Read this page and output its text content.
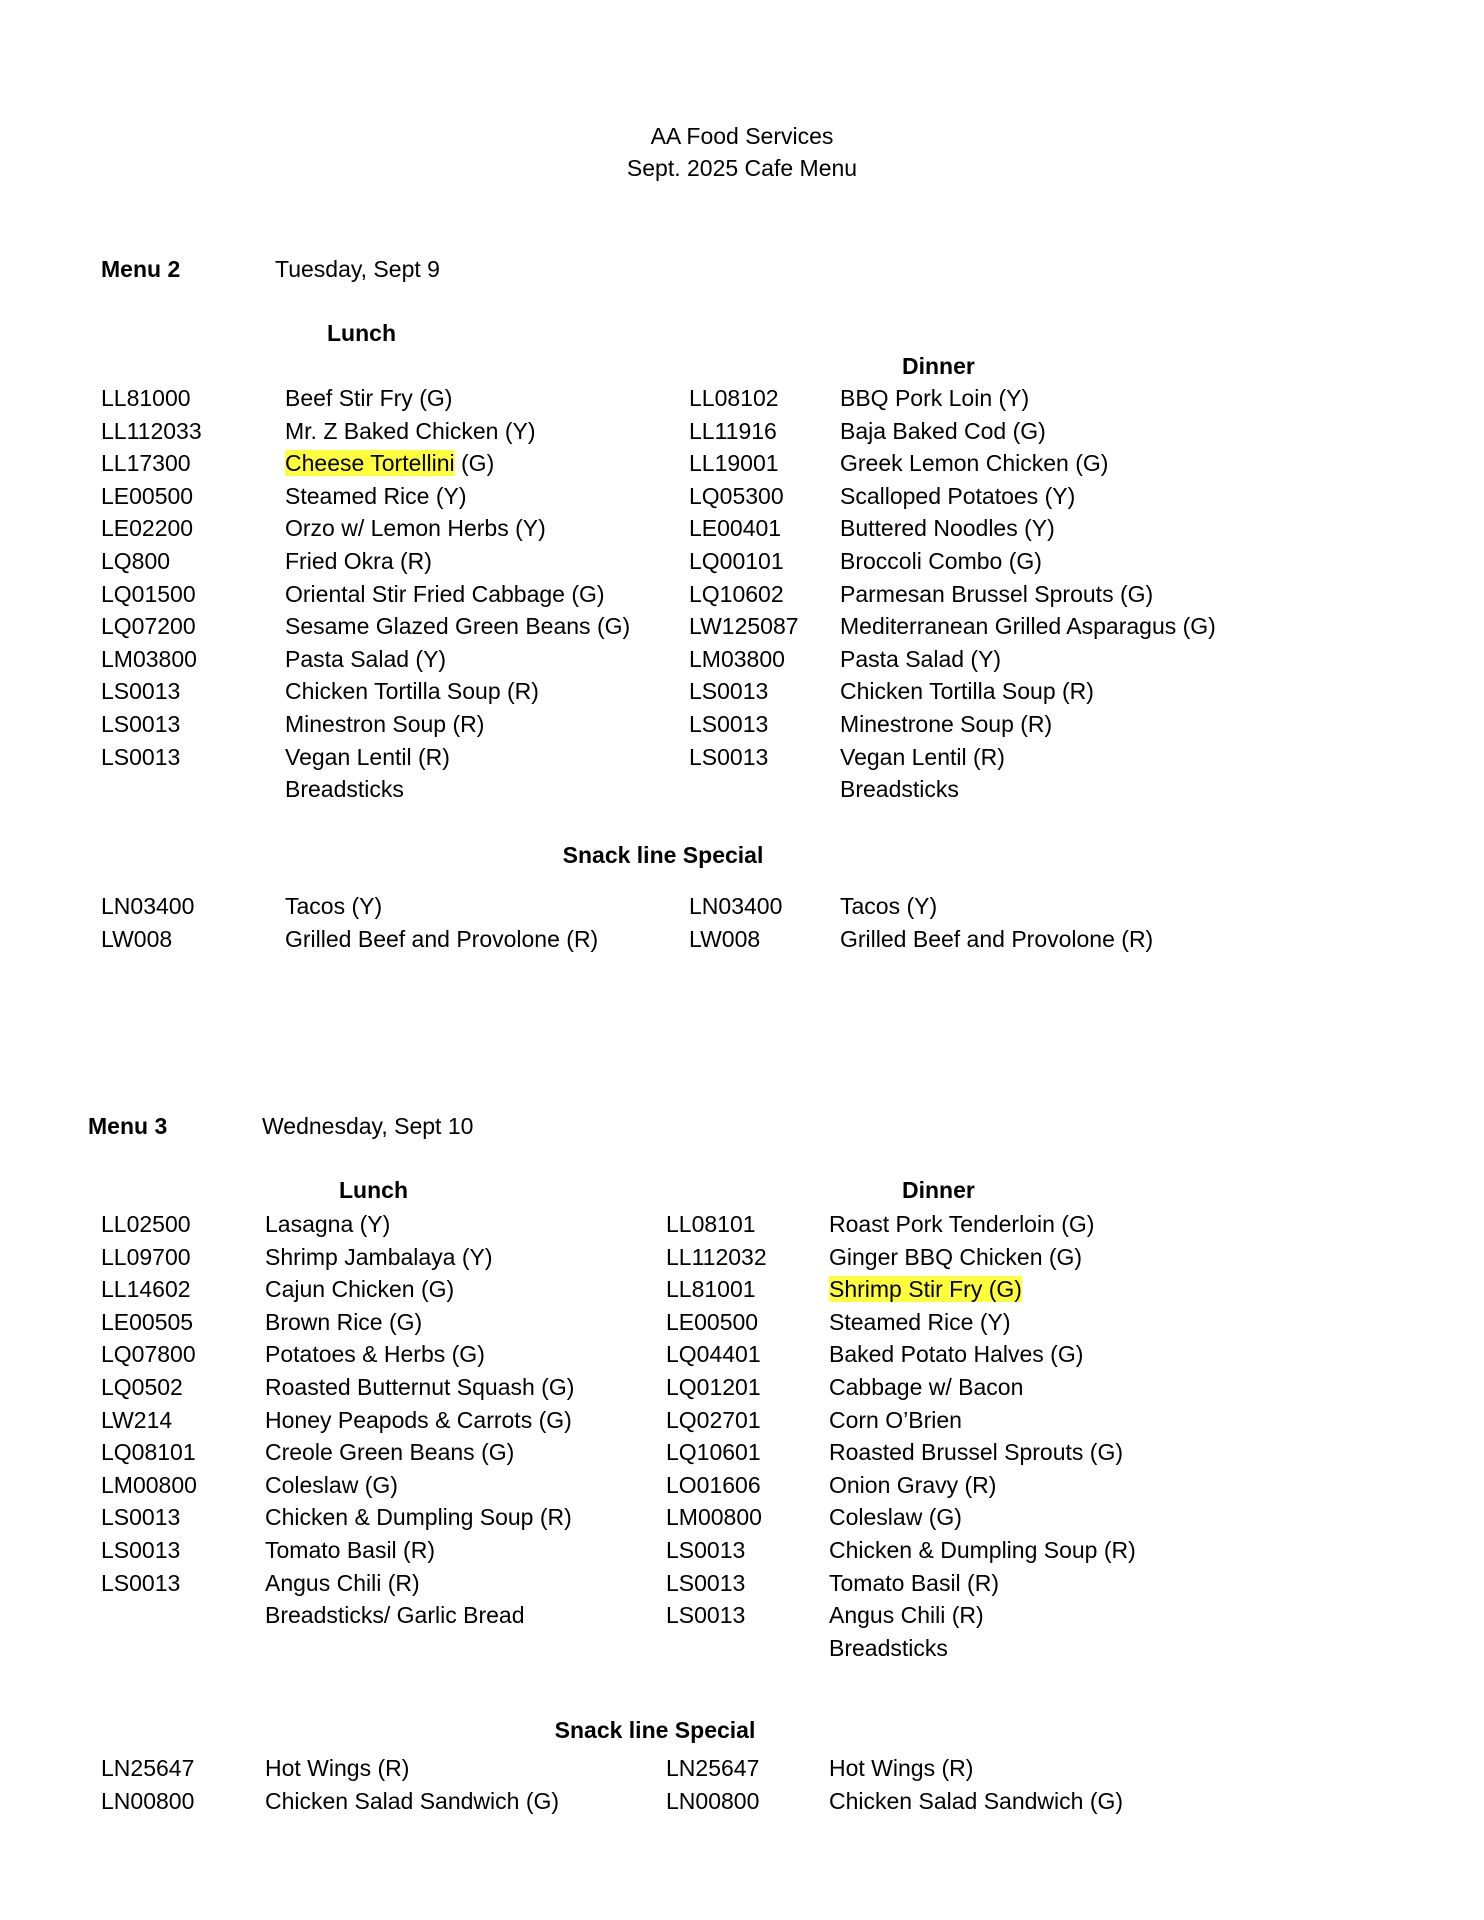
AA Food Services
Sept. 2025 Cafe Menu
Menu 2	Tuesday, Sept 9
Lunch
Dinner
LL81000	Beef Stir Fry (G)
LL112033	Mr. Z Baked Chicken (Y)
LL17300	Cheese Tortellini (G)
LE00500	Steamed Rice (Y)
LE02200	Orzo w/ Lemon Herbs (Y)
LQ800	Fried Okra (R)
LQ01500	Oriental Stir Fried Cabbage (G)
LQ07200	Sesame Glazed Green Beans (G)
LM03800	Pasta Salad (Y)
LS0013	Chicken Tortilla Soup (R)
LS0013	Minestron Soup (R)
LS0013	Vegan Lentil (R)
Breadsticks
LL08102	BBQ Pork Loin (Y)
LL11916	Baja Baked Cod (G)
LL19001	Greek Lemon Chicken (G)
LQ05300 Scalloped Potatoes (Y)
LE00401	Buttered Noodles (Y)
LQ00101 Broccoli Combo (G)
LQ10602 Parmesan Brussel Sprouts (G)
LW125087 Mediterranean Grilled Asparagus (G)
LM03800 Pasta Salad (Y)
LS0013	Chicken Tortilla Soup (R)
LS0013	Minestrone Soup (R)
LS0013	Vegan Lentil (R)
Breadsticks
Snack line Special
LN03400	Tacos (Y)
LW008	Grilled Beef and Provolone (R)
LN03400	Tacos (Y)
LW008	Grilled Beef and Provolone (R)
Menu 3	Wednesday, Sept 10
Lunch	Dinner
LL02500	Lasagna (Y)
LL09700	Shrimp Jambalaya (Y)
LL14602	Cajun Chicken (G)
LE00505	Brown Rice (G)
LQ07800	Potatoes & Herbs (G)
LQ0502	Roasted Butternut Squash (G)
LW214	Honey Peapods & Carrots (G)
LQ08101	Creole Green Beans (G)
LM00800	Coleslaw (G)
LS0013	Chicken & Dumpling Soup (R)
LS0013	Tomato Basil (R)
LS0013	Angus Chili (R)
Breadsticks/ Garlic Bread
LL08101	Roast Pork Tenderloin (G)
LL112032	Ginger BBQ Chicken (G)
LL81001	Shrimp Stir Fry (G)
LE00500	Steamed Rice (Y)
LQ04401	Baked Potato Halves (G)
LQ01201	Cabbage w/ Bacon
LQ02701	Corn O’Brien
LQ10601	Roasted Brussel Sprouts (G)
LO01606	Onion Gravy (R)
LM00800	Coleslaw (G)
LS0013	Chicken & Dumpling Soup (R)
LS0013	Tomato Basil (R)
LS0013	Angus Chili (R)
Breadsticks
Snack line Special
LN25647	Hot Wings (R)
LN00800	Chicken Salad Sandwich (G)
LN25647	Hot Wings (R)
LN00800	Chicken Salad Sandwich (G)
